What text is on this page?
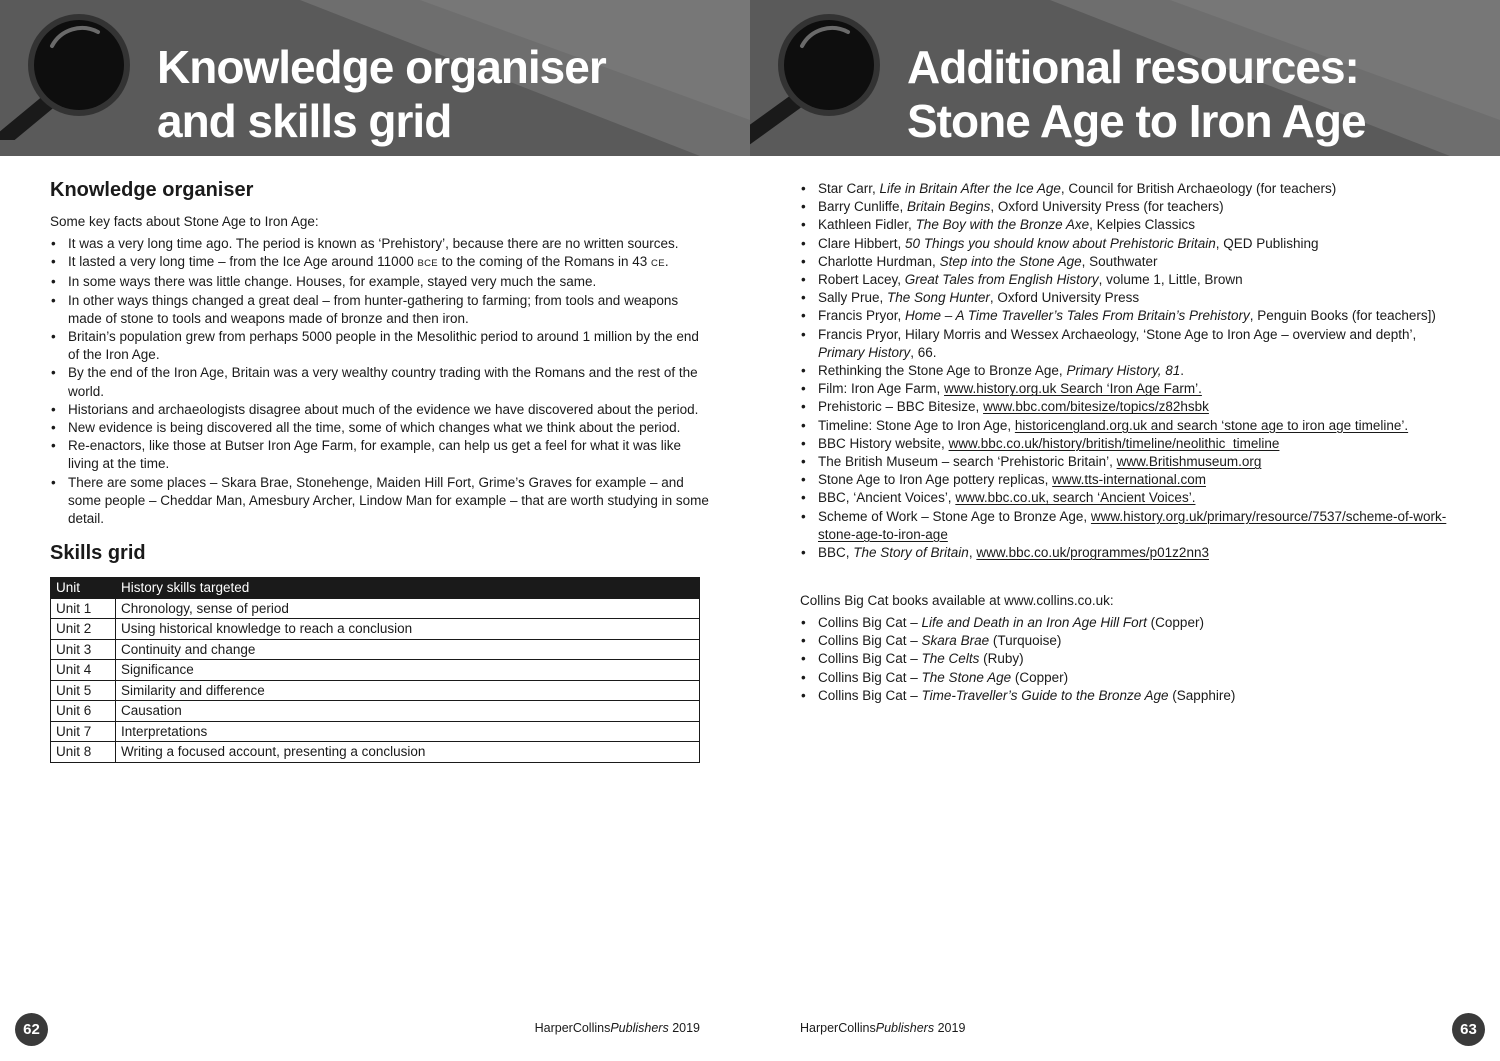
Knowledge organiser
and skills grid
Knowledge organiser

Some key facts about Stone Age to Iron Age:

• It was a very long time ago. The period is known as ‘Prehistory’, because there are no written sources.
• It lasted a very long time – from the Ice Age around 11000 BCE to the coming of the Romans in 43 CE.
• In some ways there was little change. Houses, for example, stayed very much the same.
• In other ways things changed a great deal – from hunter-gathering to farming; from tools and weapons made of stone to tools and weapons made of bronze and then iron.
• Britain’s population grew from perhaps 5000 people in the Mesolithic period to around 1 million by the end of the Iron Age.
• By the end of the Iron Age, Britain was a very wealthy country trading with the Romans and the rest of the world.
• Historians and archaeologists disagree about much of the evidence we have discovered about the period.
• New evidence is being discovered all the time, some of which changes what we think about the period.
• Re-enactors, like those at Butser Iron Age Farm, for example, can help us get a feel for what it was like living at the time.
• There are some places – Skara Brae, Stonehenge, Maiden Hill Fort, Grime’s Graves for example – and some people – Cheddar Man, Amesbury Archer, Lindow Man for example – that are worth studying in some detail.
Skills grid
Unit	History skills targeted
Unit 1	Chronology, sense of period
Unit 2	Using historical knowledge to reach a conclusion
Unit 3	Continuity and change
Unit 4	Significance
Unit 5	Similarity and difference
Unit 6	Causation
Unit 7	Interpretations
Unit 8	Writing a focused account, presenting a conclusion
62	HarperCollinsPublishers 2019
Additional resources:
Stone Age to Iron Age
• Star Carr, Life in Britain After the Ice Age, Council for British Archaeology (for teachers)
• Barry Cunliffe, Britain Begins, Oxford University Press (for teachers)
• Kathleen Fidler, The Boy with the Bronze Axe, Kelpies Classics
• Clare Hibbert, 50 Things you should know about Prehistoric Britain, QED Publishing
• Charlotte Hurdman, Step into the Stone Age, Southwater
• Robert Lacey, Great Tales from English History, volume 1, Little, Brown
• Sally Prue, The Song Hunter, Oxford University Press
• Francis Pryor, Home – A Time Traveller’s Tales From Britain’s Prehistory, Penguin Books (for teachers])
• Francis Pryor, Hilary Morris and Wessex Archaeology, ‘Stone Age to Iron Age – overview and depth’, Primary History, 66.
• Rethinking the Stone Age to Bronze Age, Primary History, 81.
• Film: Iron Age Farm, www.history.org.uk Search ‘Iron Age Farm’.
• Prehistoric – BBC Bitesize, www.bbc.com/bitesize/topics/z82hsbk
• Timeline: Stone Age to Iron Age, historicengland.org.uk and search ‘stone age to iron age timeline’.
• BBC History website, www.bbc.co.uk/history/british/timeline/neolithic_timeline
• The British Museum – search ‘Prehistoric Britain’, www.Britishmuseum.org
• Stone Age to Iron Age pottery replicas, www.tts-international.com
• BBC, ‘Ancient Voices’, www.bbc.co.uk, search ‘Ancient Voices’.
• Scheme of Work – Stone Age to Bronze Age, www.history.org.uk/primary/resource/7537/scheme-of-work-stone-age-to-iron-age
• BBC, The Story of Britain, www.bbc.co.uk/programmes/p01z2nn3

Collins Big Cat books available at www.collins.co.uk:

• Collins Big Cat – Life and Death in an Iron Age Hill Fort (Copper)
• Collins Big Cat – Skara Brae (Turquoise)
• Collins Big Cat – The Celts (Ruby)
• Collins Big Cat – The Stone Age (Copper)
• Collins Big Cat – Time-Traveller’s Guide to the Bronze Age (Sapphire)
HarperCollinsPublishers 2019	63
